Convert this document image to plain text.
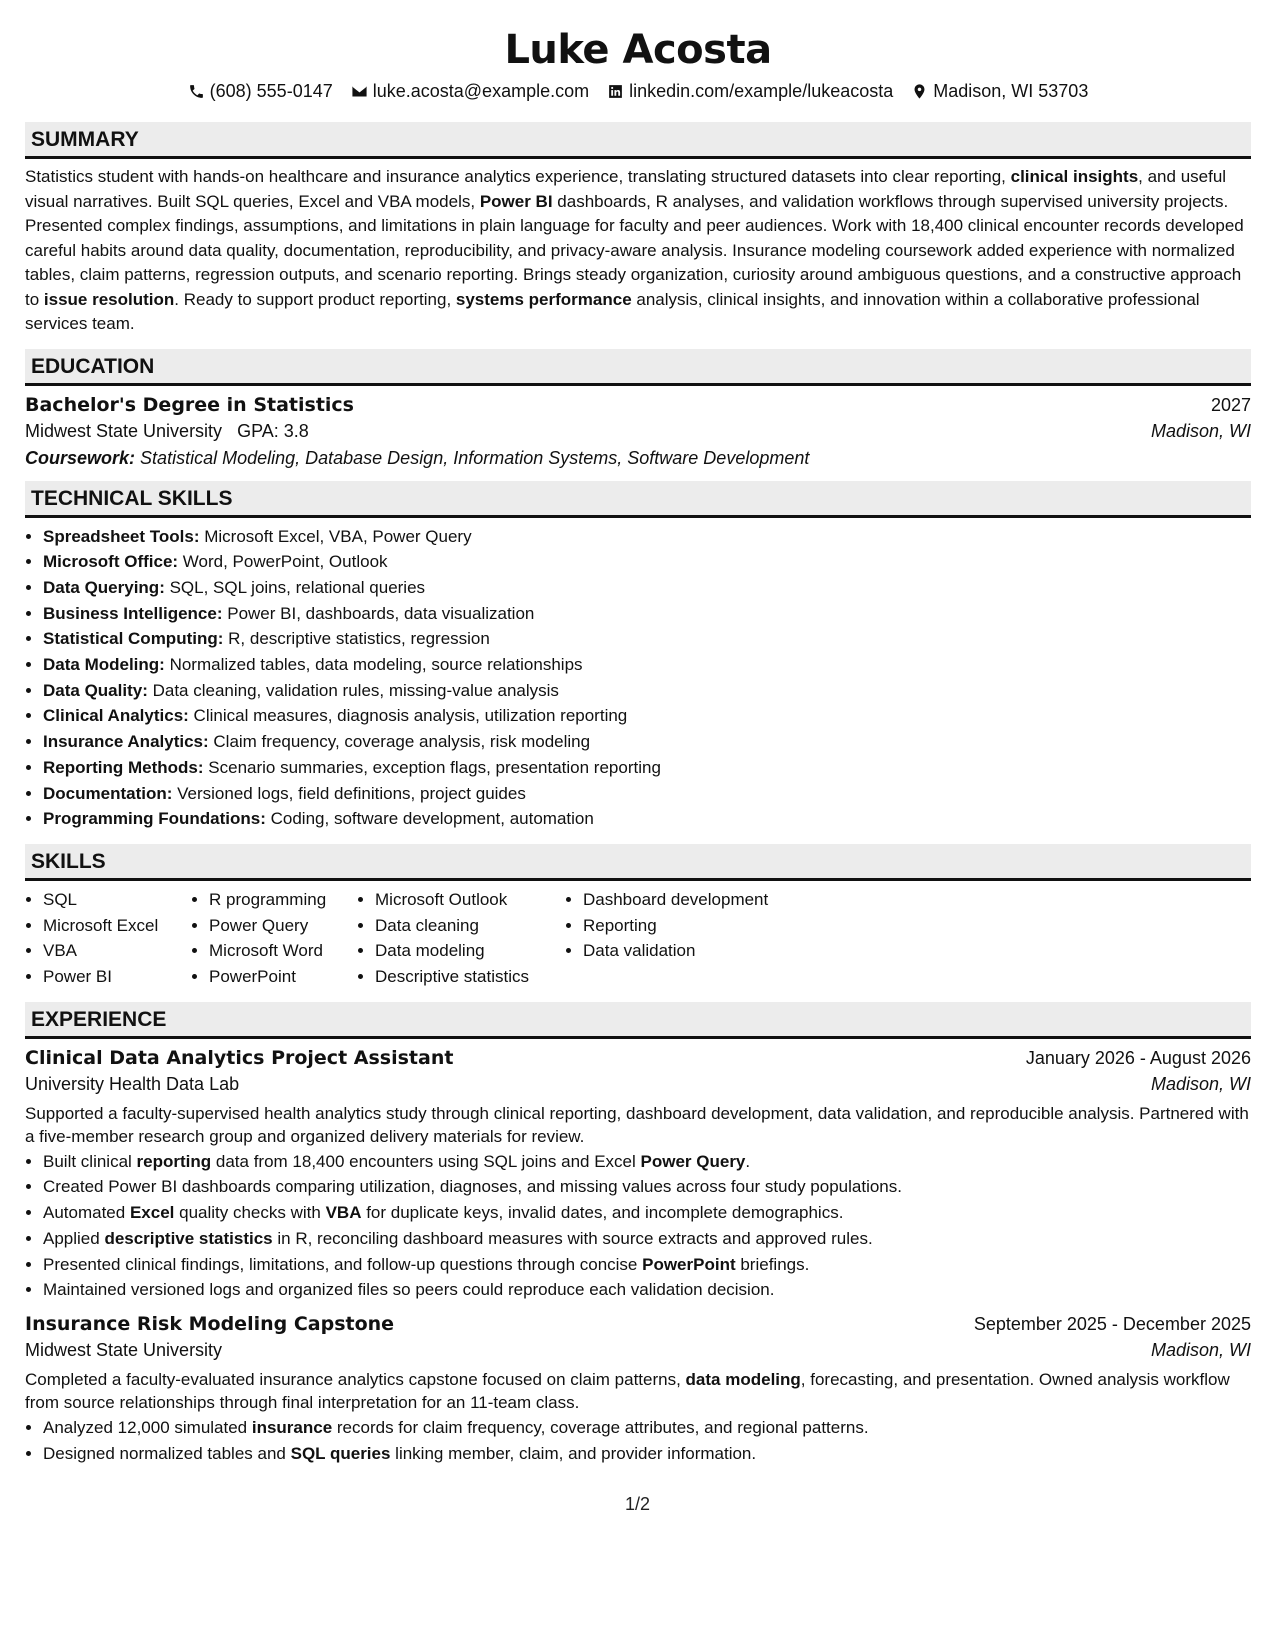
Luke Acosta
(608) 555-0147 luke.acosta@example.com linkedin.com/example/lukeacosta Madison, WI 53703
SUMMARY
Statistics student with hands-on healthcare and insurance analytics experience, translating structured datasets into clear reporting, clinical insights, and useful visual narratives. Built SQL queries, Excel and VBA models, Power BI dashboards, R analyses, and validation workflows through supervised university projects. Presented complex findings, assumptions, and limitations in plain language for faculty and peer audiences. Work with 18,400 clinical encounter records developed careful habits around data quality, documentation, reproducibility, and privacy-aware analysis. Insurance modeling coursework added experience with normalized tables, claim patterns, regression outputs, and scenario reporting. Brings steady organization, curiosity around ambiguous questions, and a constructive approach to issue resolution. Ready to support product reporting, systems performance analysis, clinical insights, and innovation within a collaborative professional services team.
EDUCATION
Bachelor's Degree in Statistics	2027
Midwest State University GPA: 3.8	Madison, WI
Coursework: Statistical Modeling, Database Design, Information Systems, Software Development
TECHNICAL SKILLS
• Spreadsheet Tools: Microsoft Excel, VBA, Power Query
• Microsoft Office: Word, PowerPoint, Outlook
• Data Querying: SQL, SQL joins, relational queries
• Business Intelligence: Power BI, dashboards, data visualization
• Statistical Computing: R, descriptive statistics, regression
• Data Modeling: Normalized tables, data modeling, source relationships
• Data Quality: Data cleaning, validation rules, missing-value analysis
• Clinical Analytics: Clinical measures, diagnosis analysis, utilization reporting
• Insurance Analytics: Claim frequency, coverage analysis, risk modeling
• Reporting Methods: Scenario summaries, exception flags, presentation reporting
• Documentation: Versioned logs, field definitions, project guides
• Programming Foundations: Coding, software development, automation
SKILLS
• SQL
• Microsoft Excel
• VBA
• Power BI
• R programming
• Power Query
• Microsoft Word
• PowerPoint
• Microsoft Outlook
• Data cleaning
• Data modeling
• Descriptive statistics
• Dashboard development
• Reporting
• Data validation
EXPERIENCE
Clinical Data Analytics Project Assistant	January 2026 - August 2026
University Health Data Lab	Madison, WI
Supported a faculty-supervised health analytics study through clinical reporting, dashboard development, data validation, and reproducible analysis. Partnered with a five-member research group and organized delivery materials for review.
• Built clinical reporting data from 18,400 encounters using SQL joins and Excel Power Query.
• Created Power BI dashboards comparing utilization, diagnoses, and missing values across four study populations.
• Automated Excel quality checks with VBA for duplicate keys, invalid dates, and incomplete demographics.
• Applied descriptive statistics in R, reconciling dashboard measures with source extracts and approved rules.
• Presented clinical findings, limitations, and follow-up questions through concise PowerPoint briefings.
• Maintained versioned logs and organized files so peers could reproduce each validation decision.
Insurance Risk Modeling Capstone	September 2025 - December 2025
Midwest State University	Madison, WI
Completed a faculty-evaluated insurance analytics capstone focused on claim patterns, data modeling, forecasting, and presentation. Owned analysis workflow from source relationships through final interpretation for an 11-team class.
• Analyzed 12,000 simulated insurance records for claim frequency, coverage attributes, and regional patterns.
• Designed normalized tables and SQL queries linking member, claim, and provider information.
1/2
